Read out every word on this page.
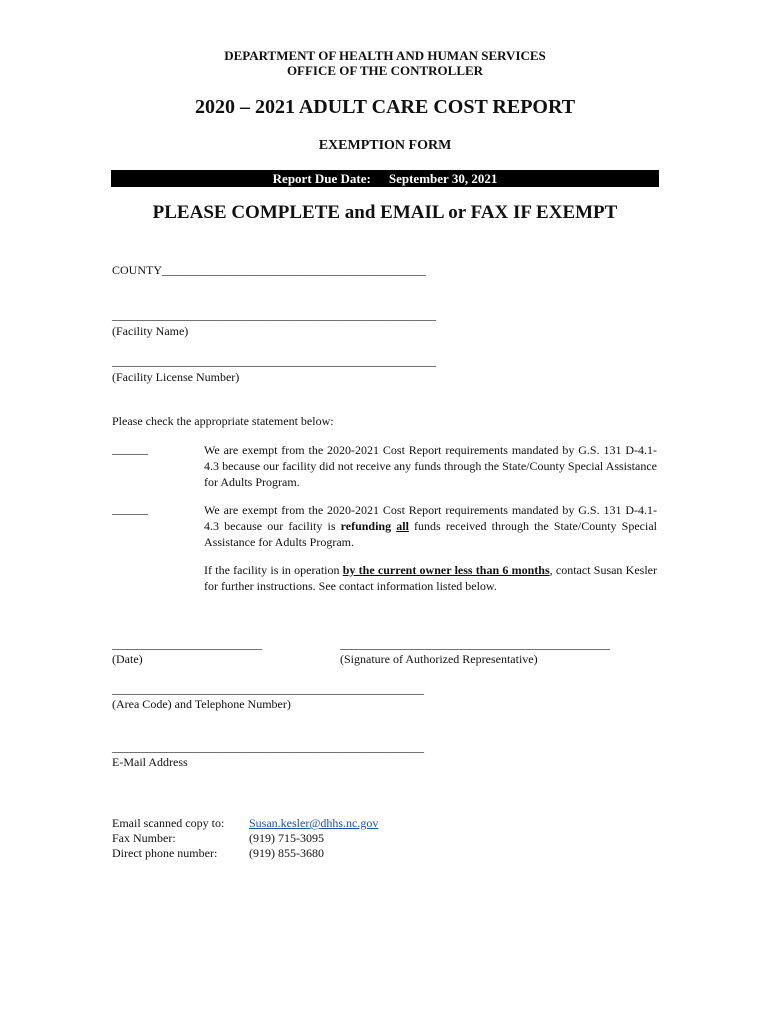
DEPARTMENT OF HEALTH AND HUMAN SERVICES
OFFICE OF THE CONTROLLER
2020 – 2021 ADULT CARE COST REPORT
EXEMPTION FORM
Report Due Date: September 30, 2021
PLEASE COMPLETE and EMAIL or FAX IF EXEMPT
COUNTY____________________________________________
______________________________________________________
(Facility Name)
______________________________________________________
(Facility License Number)
Please check the appropriate statement below:
______	We are exempt from the 2020-2021 Cost Report requirements mandated by G.S. 131 D-4.1-4.3 because our facility did not receive any funds through the State/County Special Assistance for Adults Program.
______	We are exempt from the 2020-2021 Cost Report requirements mandated by G.S. 131 D-4.1-4.3 because our facility is refunding all funds received through the State/County Special Assistance for Adults Program.
If the facility is in operation by the current owner less than 6 months, contact Susan Kesler for further instructions. See contact information listed below.
_________________________
(Date)
_____________________________________________
(Signature of Authorized Representative)
____________________________________________________
(Area Code) and Telephone Number)
____________________________________________________
E-Mail Address
Email scanned copy to: Susan.kesler@dhhs.nc.gov
Fax Number:	(919) 715-3095
Direct phone number:	(919) 855-3680
